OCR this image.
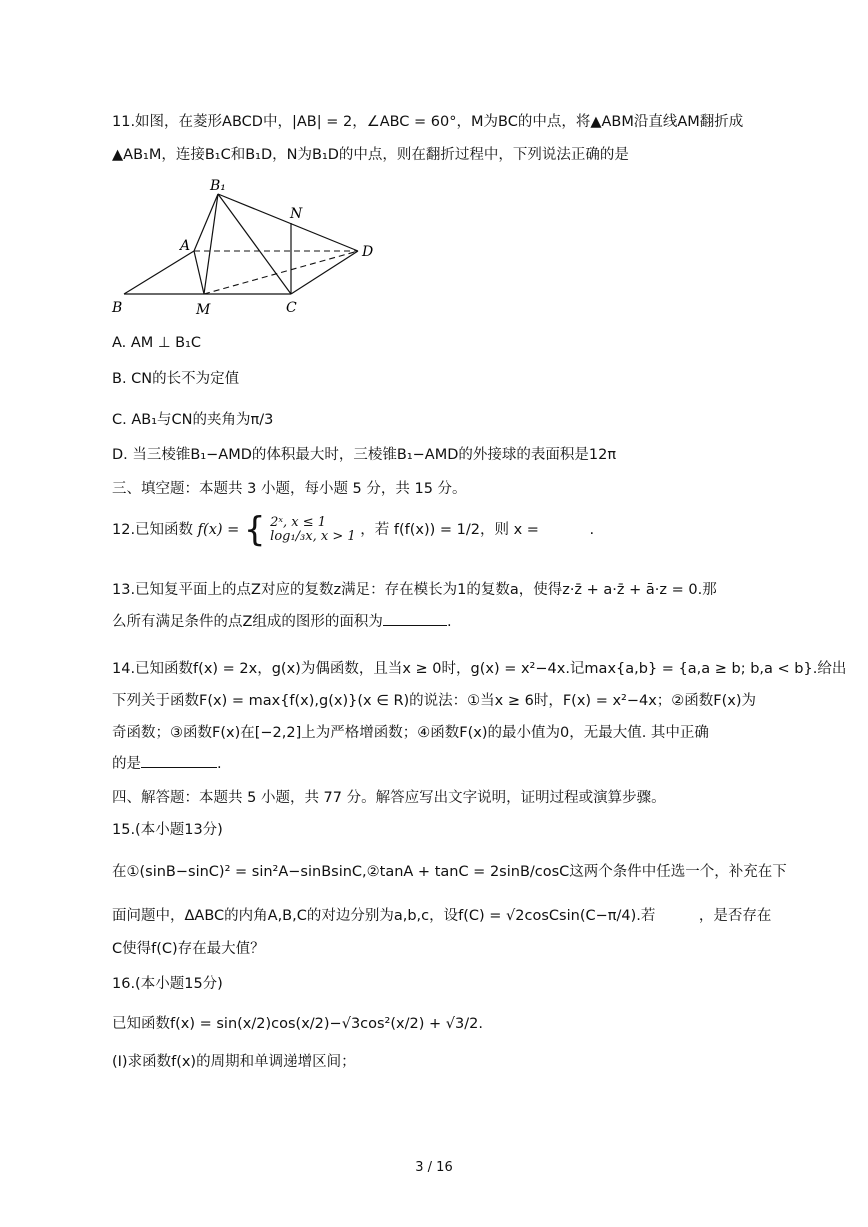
11.如图，在菱形ABCD中，|AB| = 2，∠ABC = 60°，M为BC的中点，将▲ABM沿直线AM翻折成
▲AB₁M，连接B₁C和B₁D，N为B₁D的中点，则在翻折过程中，下列说法正确的是
B₁
N
A	D
B	M	C
A. AM ⊥ B₁C
B. CN的长不为定值
C. AB₁与CN的夹角为π/3
D. 当三棱锥B₁−AMD的体积最大时，三棱锥B₁−AMD的外接球的表面积是12π
三、填空题：本题共 3 小题，每小题 5 分，共 15 分。
12.已知函数 f(x) = { 2ˣ, x ≤ 1
log₁/₃x, x > 1 ，若 f(f(x)) = 1/2，则 x =	.
13.已知复平面上的点Z对应的复数z满足：存在模长为1的复数a，使得z·z̄ + a·z̄ + ā·z = 0.那
么所有满足条件的点Z组成的图形的面积为	.
14.已知函数f(x) = 2x，g(x)为偶函数，且当x ≥ 0时，g(x) = x²−4x.记max{a,b} = {a,a ≥ b; b,a < b}.给出
下列关于函数F(x) = max{f(x),g(x)}(x ∈ R)的说法：①当x ≥ 6时，F(x) = x²−4x；②函数F(x)为
奇函数；③函数F(x)在[−2,2]上为严格增函数；④函数F(x)的最小值为0，无最大值. 其中正确
的是	.
四、解答题：本题共 5 小题，共 77 分。解答应写出文字说明，证明过程或演算步骤。
15.(本小题13分)
在①(sinB−sinC)² = sin²A−sinBsinC,②tanA + tanC = 2sinB/cosC这两个条件中任选一个，补充在下
面问题中，ΔABC的内角A,B,C的对边分别为a,b,c，设f(C) = √2cosCsin(C−π/4).若　　　，是否存在
C使得f(C)存在最大值？
16.(本小题15分)
已知函数f(x) = sin(x/2)cos(x/2)−√3cos²(x/2) + √3/2.
(Ⅰ)求函数f(x)的周期和单调递增区间；
3 / 16
